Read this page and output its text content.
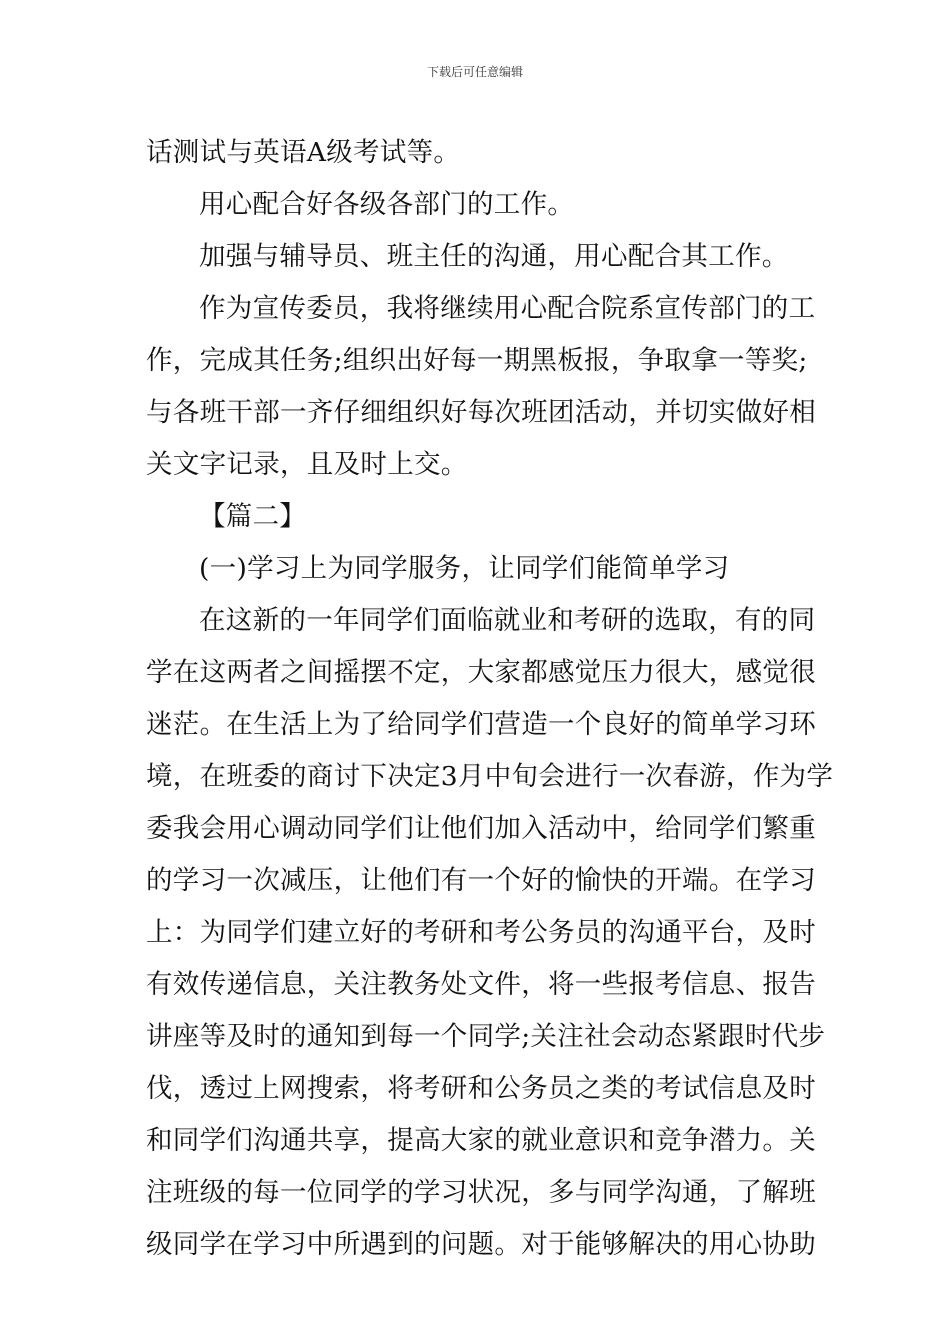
下载后可任意编辑
话测试与英语A级考试等。
用心配合好各级各部门的工作。
加强与辅导员、班主任的沟通，用心配合其工作。
作为宣传委员，我将继续用心配合院系宣传部门的工
作，完成其任务;组织出好每一期黑板报，争取拿一等奖;
与各班干部一齐仔细组织好每次班团活动，并切实做好相
关文字记录，且及时上交。
【篇二】
(一)学习上为同学服务，让同学们能简单学习
在这新的一年同学们面临就业和考研的选取，有的同
学在这两者之间摇摆不定，大家都感觉压力很大，感觉很
迷茫。在生活上为了给同学们营造一个良好的简单学习环
境，在班委的商讨下决定3月中旬会进行一次春游，作为学
委我会用心调动同学们让他们加入活动中，给同学们繁重
的学习一次减压，让他们有一个好的愉快的开端。在学习
上：为同学们建立好的考研和考公务员的沟通平台，及时
有效传递信息，关注教务处文件，将一些报考信息、报告
讲座等及时的通知到每一个同学;关注社会动态紧跟时代步
伐，透过上网搜索，将考研和公务员之类的考试信息及时
和同学们沟通共享，提高大家的就业意识和竞争潜力。关
注班级的每一位同学的学习状况，多与同学沟通，了解班
级同学在学习中所遇到的问题。对于能够解决的用心协助
